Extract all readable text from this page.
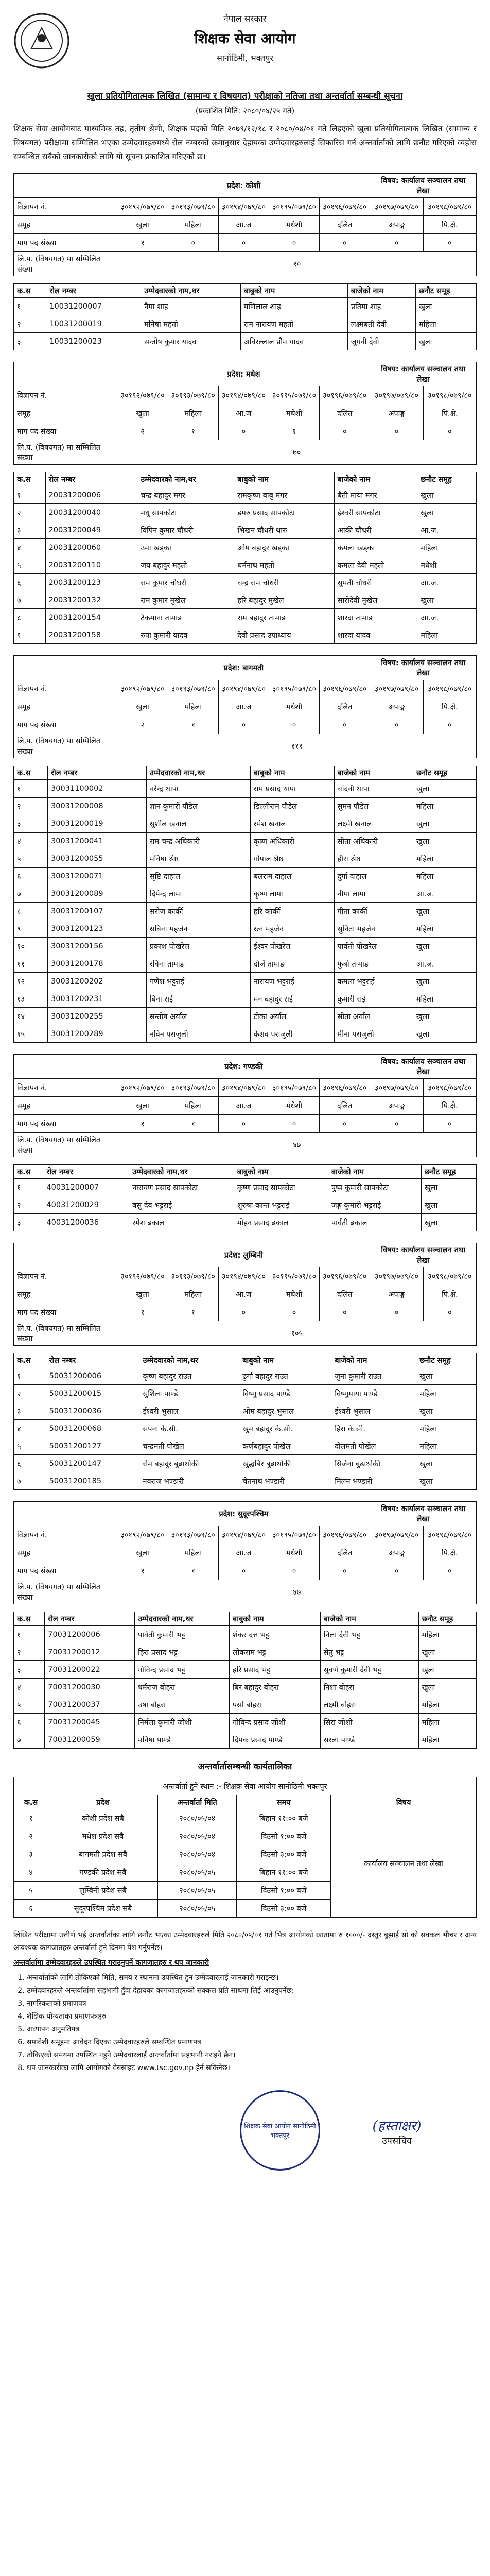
नेपाल सरकार
शिक्षक सेवा आयोग
सानोठिमी, भक्तपुर
खुला प्रतियोगितात्मक लिखित (सामान्य र विषयगत) परीक्षाको नतिजा तथा अन्तर्वार्ता सम्बन्धी सूचना
(प्रकाशित मिति: २०८०/०४/२५ गते)
शिक्षक सेवा आयोगबाट माध्यमिक तह, तृतीय श्रेणी, शिक्षक पदको मिति २०७९/१२/१८ र २०८०/०४/०१ गते लिइएको खुला प्रतियोगितात्मक लिखित (सामान्य र विषयगत) परीक्षामा सम्मिलित भएका उम्मेदवारहरुमध्ये रोल नम्बरको क्रमानुसार देहायका उम्मेदवारहरुलाई सिफारिस गर्न अन्तर्वार्ताको लागि छनौट गरिएको व्यहोरा सम्बन्धित सबैको जानकारीको लागि यो सूचना प्रकाशित गरिएको छ।
	प्रदेश: कोशी					विषय: कार्यालय सञ्चालन तथा लेखा	
विज्ञापन नं.	३०१९२/०७९/८०	३०१९३/०७९/८०	३०१९४/०७९/८०	३०१९५/०७९/८०	३०१९६/०७९/८०	३०१९७/०७९/८०	३०१९८/०७९/८०
समूह	खुला	महिला	आ.ज	मधेशी	दलित	अपाङ्ग	पि.क्षे.
माग पद संख्या	१	०	०	०	०	०	०
लि.प. (विषयगत) मा सम्मिलित संख्या	१०						
क.स	रोल नम्बर	उम्मेदवारको नाम,थर	बाबुको नाम	बाजेको नाम	छनौट समूह
१	10031200007	नैमा शाह	मणिलाल शाह	प्रतिमा शाह	खुला
२	10031200019	मनिषा महतो	राम नारायण महतो	लक्ष्मबती देवी	महिला
३	10031200023	सन्तोष कुमार यादव	अविरल्लाल प्रौम यादव	जुगनी देवी	खुला
	प्रदेश: मधेश					विषय: कार्यालय सञ्चालन तथा लेखा	
विज्ञापन नं.	३०१९२/०७९/८०	३०१९३/०७९/८०	३०१९४/०७९/८०	३०१९५/०७९/८०	३०१९६/०७९/८०	३०१९७/०७९/८०	३०१९८/०७९/८०
समूह	खुला	महिला	आ.ज	मधेशी	दलित	अपाङ्ग	पि.क्षे.
माग पद संख्या	२	१	०	१	०	०	०
लि.प. (विषयगत) मा सम्मिलित संख्या	७०						
क.स	रोल नम्बर	उम्मेदवारको नाम,थर	बाबुको नाम	बाजेको नाम	छनौट समूह
१	20031200006	चन्द्र बहादुर मगर	रामकृष्ण बाबु मगर	बैती माया मगर	खुला
२	20031200040	मधु सापकोटा	डमरु प्रसाद सापकोटा	ईश्वरी सापकोटा	खुला
३	20031200049	विपिन कुमार चौधरी	भिखन चौधरी थारु	आकी चौधरी	आ.ज.
४	20031200060	उमा खड्का	ओम बहादुर खड्का	कमला खड्का	महिला
५	20031200110	जय बहादुर महतो	धर्मनाथ महतो	कमला देवी महतो	मधेशी
६	20031200123	राम कुमार चौधरी	चन्द्र राम चौधरी	सुमती चौधरी	आ.ज.
७	20031200132	राम कुमार मुखेल	हरि बहादुर मुखेल	सारोदेवी मुखेल	खुला
८	20031200154	टेकमाना तामाङ	राम बहादुर तामाङ	शारदा तामाङ	आ.ज.
९	20031200158	रुपा कुमारी यादव	देवी प्रसाद उपाध्याय	शारदा यादव	महिला
	प्रदेश: बागमती					विषय: कार्यालय सञ्चालन तथा लेखा	
विज्ञापन नं.	३०१९२/०७९/८०	३०१९३/०७९/८०	३०१९४/०७९/८०	३०१९५/०७९/८०	३०१९६/०७९/८०	३०१९७/०७९/८०	३०१९८/०७९/८०
समूह	खुला	महिला	आ.ज	मधेशी	दलित	अपाङ्ग	पि.क्षे.
माग पद संख्या	२	१	०	०	०	०	०
लि.प. (विषयगत) मा सम्मिलित संख्या	११९						
क.स	रोल नम्बर	उम्मेदवारको नाम,थर	बाबुको नाम	बाजेको नाम	छनौट समूह
१	30031100002	नरेन्द्र थापा	राम प्रसाद थापा	चाँदनी थापा	खुला
२	30031200008	ज्ञान कुमारी पौडेल	डिल्लीराम पौडेल	सुमन पौडेल	महिला
३	30031200019	सुशील खनाल	रमेश खनाल	लक्ष्मी खनाल	खुला
४	30031200041	राम चन्द्र अधिकारी	कृष्ण अधिकारी	सीता अधिकारी	खुला
५	30031200055	मनिषा श्रेष्ठ	गोपाल श्रेष्ठ	हीरा श्रेष्ठ	महिला
६	30031200071	सृष्टि दाहाल	बलराम दाहाल	दुर्गा दाहाल	महिला
७	30031200089	दिपेन्द्र लामा	कृष्ण लामा	नीमा लामा	आ.ज.
८	30031200107	सरोज कार्की	हरि कार्की	गीता कार्की	खुला
९	30031200123	सबिना महर्जन	रत्न महर्जन	सुनिता महर्जन	महिला
१०	30031200156	प्रकाश पोखरेल	ईश्वर पोखरेल	पार्वती पोखरेल	खुला
११	30031200178	रविना तामाङ	दोर्जे तामाङ	फुर्बा तामाङ	आ.ज.
१२	30031200202	गणेश भट्टराई	नारायण भट्टराई	कमला भट्टराई	खुला
१३	30031200231	बिना राई	मन बहादुर राई	कुमारी राई	महिला
१४	30031200255	सन्तोष अर्याल	टीका अर्याल	सीता अर्याल	खुला
१५	30031200289	नविन पराजुली	केशव पराजुली	मीना पराजुली	खुला
	प्रदेश: गण्डकी					विषय: कार्यालय सञ्चालन तथा लेखा	
विज्ञापन नं.	३०१९२/०७९/८०	३०१९३/०७९/८०	३०१९४/०७९/८०	३०१९५/०७९/८०	३०१९६/०७९/८०	३०१९७/०७९/८०	३०१९८/०७९/८०
समूह	खुला	महिला	आ.ज	मधेशी	दलित	अपाङ्ग	पि.क्षे.
माग पद संख्या	१	१	०	०	०	०	०
लि.प. (विषयगत) मा सम्मिलित संख्या	४७						
क.स	रोल नम्बर	उम्मेदवारको नाम,थर	बाबुको नाम	बाजेको नाम	छनौट समूह
१	40031200007	नारायण प्रसाद सापकोटा	कृष्ण प्रसाद सापकोटा	पुष्प कुमारी सापकोटा	खुला
२	40031200029	बसु देव भट्टराई	शुरुषा कान्त भट्टराई	जङ्ग कुमारी भट्टराई	खुला
३	40031200036	रमेश ढकाल	मोहन प्रसाद ढकाल	पार्वती ढकाल	खुला
	प्रदेश: लुम्बिनी					विषय: कार्यालय सञ्चालन तथा लेखा	
विज्ञापन नं.	३०१९२/०७९/८०	३०१९३/०७९/८०	३०१९४/०७९/८०	३०१९५/०७९/८०	३०१९६/०७९/८०	३०१९७/०७९/८०	३०१९८/०७९/८०
समूह	खुला	महिला	आ.ज	मधेशी	दलित	अपाङ्ग	पि.क्षे.
माग पद संख्या	१	१	०	०	०	०	०
लि.प. (विषयगत) मा सम्मिलित संख्या	१०५						
क.स	रोल नम्बर	उम्मेदवारको नाम,थर	बाबुको नाम	बाजेको नाम	छनौट समूह
१	50031200006	कृष्ण बहादुर राउत	ढुर्गा बहादुर राउत	जुना कुमारी राउत	खुला
२	50031200015	सुशिला पाण्डे	विष्णु प्रसाद पाण्डे	विष्णुमाया पाण्डे	महिला
३	50031200036	ईश्वरी भुसाल	ओम बहादुर भुसाल	ईश्वरी भुसाल	खुला
४	50031200068	सपना के.सी.	खुम बहादुर के.सी.	हिरा के.सी.	महिला
५	50031200127	चन्द्रमती पोखेल	कर्णबहादुर पोखेल	दोलमती पोखेल	महिला
६	50031200147	रोम बहादुर बुढाथोकी	खुद्धबिर बुढाथोकी	सिर्जना बुढाथोकी	खुला
७	50031200185	नवराज भण्डारी	चेतनाथ भण्डारी	मिलन भण्डारी	खुला
	प्रदेश: सुदूरपश्चिम					विषय: कार्यालय सञ्चालन तथा लेखा	
विज्ञापन नं.	३०१९२/०७९/८०	३०१९३/०७९/८०	३०१९४/०७९/८०	३०१९५/०७९/८०	३०१९६/०७९/८०	३०१९७/०७९/८०	३०१९८/०७९/८०
समूह	खुला	महिला	आ.ज	मधेशी	दलित	अपाङ्ग	पि.क्षे.
माग पद संख्या	१	१	०	०	०	०	०
लि.प. (विषयगत) मा सम्मिलित संख्या	४७						
क.स	रोल नम्बर	उम्मेदवारको नाम,थर	बाबुको नाम	बाजेको नाम	छनौट समूह
१	70031200006	पार्वती कुमारी भट्ट	शंकर दत्त भट्ट	निला देवी भट्ट	महिला
२	70031200012	हिरा प्रसाद भट्ट	लोकराम भट्ट	सेतु भट्ट	खुला
३	70031200022	गोविन्द प्रसाद भट्ट	हरि प्रसाद भट्ट	सुवर्ण कुमारी देवी भट्ट	खुला
४	70031200030	धर्मराज बोहरा	बिर बहादुर बोहरा	निशा बोहरा	खुला
५	70031200037	उषा बोहरा	पर्सा बोहरा	लक्ष्मी बोहरा	महिला
६	70031200045	निर्मला कुमारी जोशी	गोविन्द प्रसाद जोशी	सिरा जोशी	महिला
७	70031200059	मनिषा पाण्डे	दिपक प्रसाद पाण्डे	सरला पाण्डे	महिला
अन्तर्वार्तासम्बन्धी कार्यतालिका
अन्तर्वार्ता हुने स्थान :- शिक्षक सेवा आयोग सानोठिमी भक्तपुर				
क.स	प्रदेश	अन्तर्वार्ता मिति	समय	विषय
१	कोशी प्रदेश सबै	२०८०/०५/०४	बिहान ११:०० बजे	कार्यालय सञ्चालन तथा लेखा
२	मधेश प्रदेश सबै	२०८०/०५/०४	दिउसो १:०० बजे	
३	बागमती प्रदेश सबै	२०८०/०५/०४	दिउसो ३:०० बजे	
४	गण्डकी प्रदेश सबै	२०८०/०५/०५	बिहान ११:०० बजे	
५	लुम्बिनी प्रदेश सबै	२०८०/०५/०५	दिउसो १:०० बजे	
६	सुदूरपश्चिम प्रदेश सबै	२०८०/०५/०५	दिउसो ३:०० बजे	

लिखित परीक्षामा उत्तीर्ण भई अन्तर्वार्ताका लागि छनौट भएका उम्मेदवारहरुले मिति २०८०/०५/०१ गते भित्र आयोगको खातामा रु १०००/- दस्तुर बुझाई सो को सक्कल भौचर र अन्य आवश्यक कागजातहरु अन्तर्वार्ता हुने दिनमा पेश गर्नुपर्नेछ।

अन्तर्वार्तामा उम्मेदवारहरुले उपस्थित गराउनुपर्ने कागजातहरु र थप जानकारी

1. अन्तर्वार्ताको लागि तोकिएको मिति, समय र स्थानमा उपस्थित हुन उम्मेदवारलाई जानकारी गराइन्छ।
2. उम्मेदवारहरुले अन्तर्वार्तामा सहभागी हुँदा देहायका कागजातहरुको सक्कल प्रति साथमा लिई आउनुपर्नेछ:
3. नागरिकताको प्रमाणपत्र
4. शैक्षिक योग्यताका प्रमाणपत्रहरु
5. अध्यापन अनुमतिपत्र
6. समावेशी समूहमा आवेदन दिएका उम्मेदवारहरुले सम्बन्धित प्रमाणपत्र
7. तोकिएको समयमा उपस्थित नहुने उम्मेदवारलाई अन्तर्वार्तामा सहभागी गराइने छैन।
8. थप जानकारीका लागि आयोगको वेबसाइट www.tsc.gov.np हेर्न सकिनेछ।
शिक्षक सेवा आयोग सानोठिमी भक्तपुर
(हस्ताक्षर)
उपसचिव
